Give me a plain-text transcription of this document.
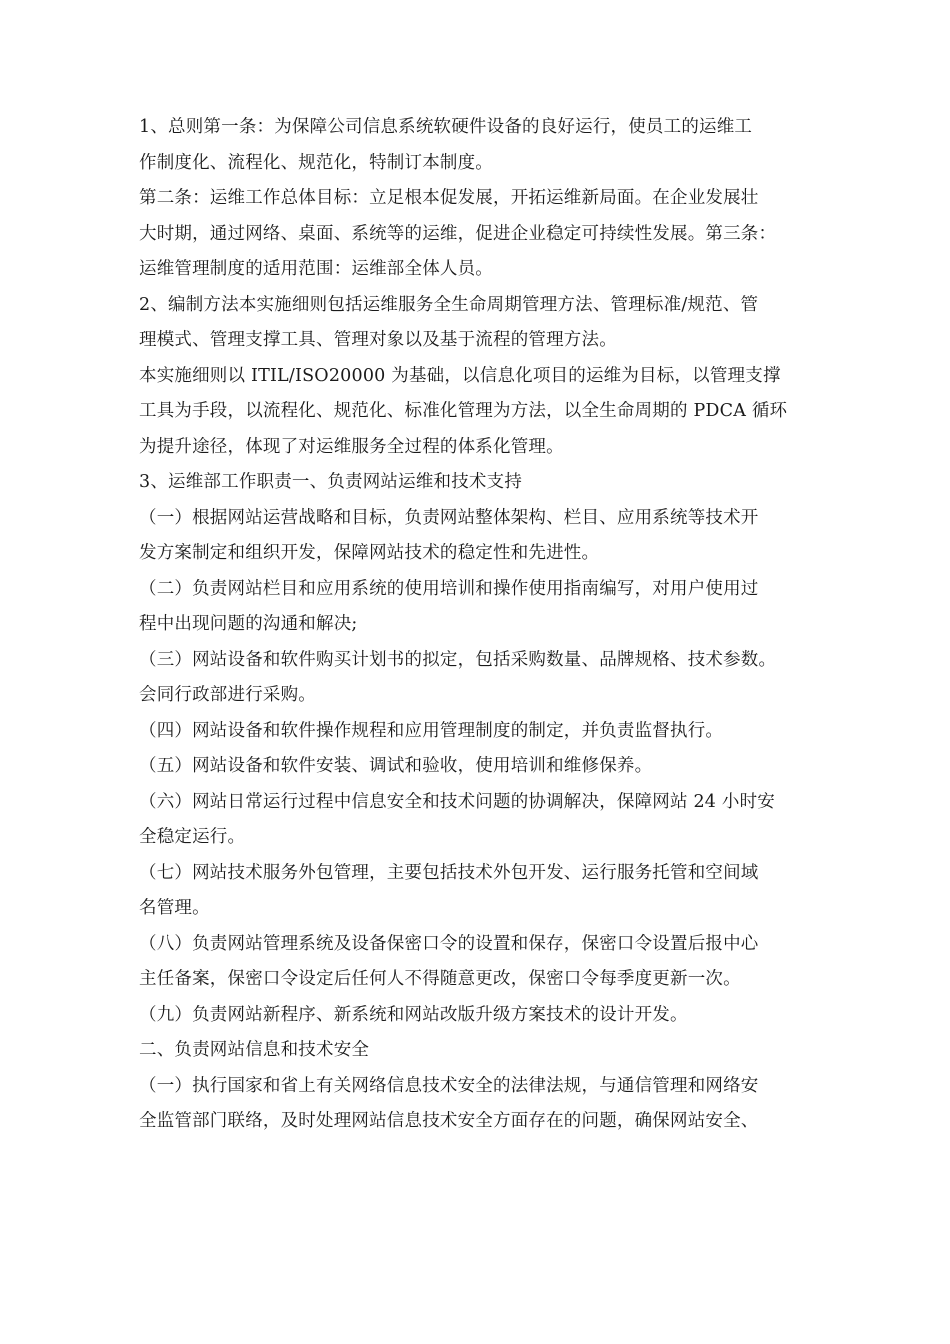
1、总则第一条：为保障公司信息系统软硬件设备的良好运行，使员工的运维工
作制度化、流程化、规范化，特制订本制度。
第二条：运维工作总体目标：立足根本促发展，开拓运维新局面。在企业发展壮
大时期，通过网络、桌面、系统等的运维，促进企业稳定可持续性发展。第三条：
运维管理制度的适用范围：运维部全体人员。
2、编制方法本实施细则包括运维服务全生命周期管理方法、管理标准/规范、管
理模式、管理支撑工具、管理对象以及基于流程的管理方法。
本实施细则以 ITIL/ISO20000 为基础，以信息化项目的运维为目标，以管理支撑
工具为手段，以流程化、规范化、标准化管理为方法，以全生命周期的 PDCA 循环
为提升途径，体现了对运维服务全过程的体系化管理。
3、运维部工作职责一、负责网站运维和技术支持
（一）根据网站运营战略和目标，负责网站整体架构、栏目、应用系统等技术开
发方案制定和组织开发，保障网站技术的稳定性和先进性。
（二）负责网站栏目和应用系统的使用培训和操作使用指南编写，对用户使用过
程中出现问题的沟通和解决;
（三）网站设备和软件购买计划书的拟定，包括采购数量、品牌规格、技术参数。
会同行政部进行采购。
（四）网站设备和软件操作规程和应用管理制度的制定，并负责监督执行。
（五）网站设备和软件安装、调试和验收，使用培训和维修保养。
（六）网站日常运行过程中信息安全和技术问题的协调解决，保障网站 24 小时安
全稳定运行。
（七）网站技术服务外包管理，主要包括技术外包开发、运行服务托管和空间域
名管理。
（八）负责网站管理系统及设备保密口令的设置和保存，保密口令设置后报中心
主任备案，保密口令设定后任何人不得随意更改，保密口令每季度更新一次。
（九）负责网站新程序、新系统和网站改版升级方案技术的设计开发。
二、负责网站信息和技术安全
（一）执行国家和省上有关网络信息技术安全的法律法规，与通信管理和网络安
全监管部门联络，及时处理网站信息技术安全方面存在的问题，确保网站安全、
